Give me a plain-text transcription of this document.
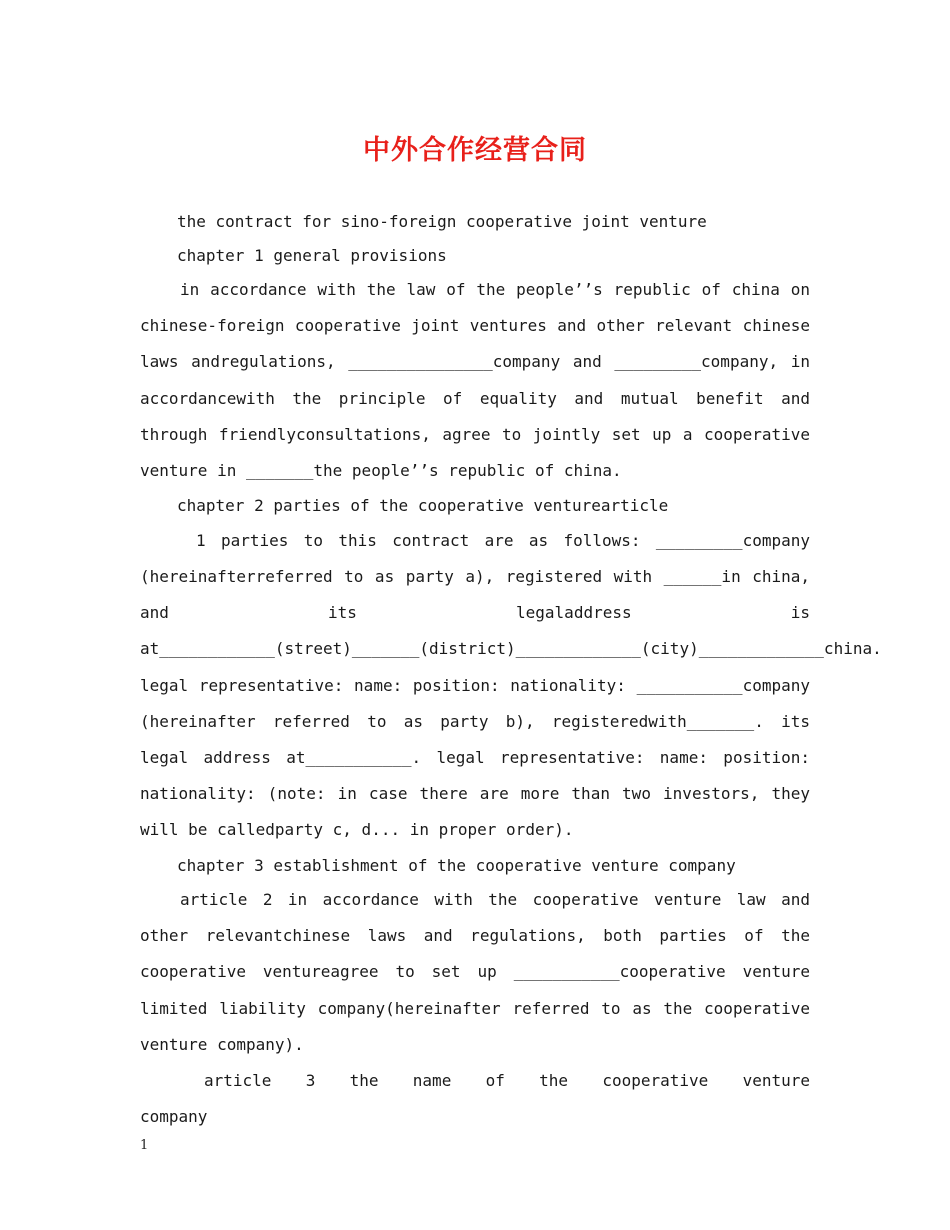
中外合作经营合同
the contract for sino-foreign cooperative joint venture
chapter 1 general provisions
in accordance with the law of the people’’s republic of china on chinese-foreign cooperative joint ventures and other relevant chinese laws andregulations, _______________company and _________company, in accordancewith the principle of equality and mutual benefit and through friendlyconsultations, agree to jointly set up a cooperative venture in _______the people’’s republic of china.
chapter 2 parties of the cooperative venturearticle
1 parties to this contract are as follows: _________company (hereinafterreferred to as party a), registered with ______in china, and its legaladdress is at____________(street)_______(district)_____________(city)_____________china. legal representative: name: position: nationality: ___________company (hereinafter referred to as party b), registeredwith_______. its legal address at___________. legal representative: name: position: nationality: (note: in case there are more than two investors, they will be calledparty c, d... in proper order).
chapter 3 establishment of the cooperative venture company
article 2 in accordance with the cooperative venture law and other relevantchinese laws and regulations, both parties of the cooperative ventureagree to set up ___________cooperative venture limited liability company(hereinafter referred to as the cooperative venture company).
article 3 the name of the cooperative venture company
1
